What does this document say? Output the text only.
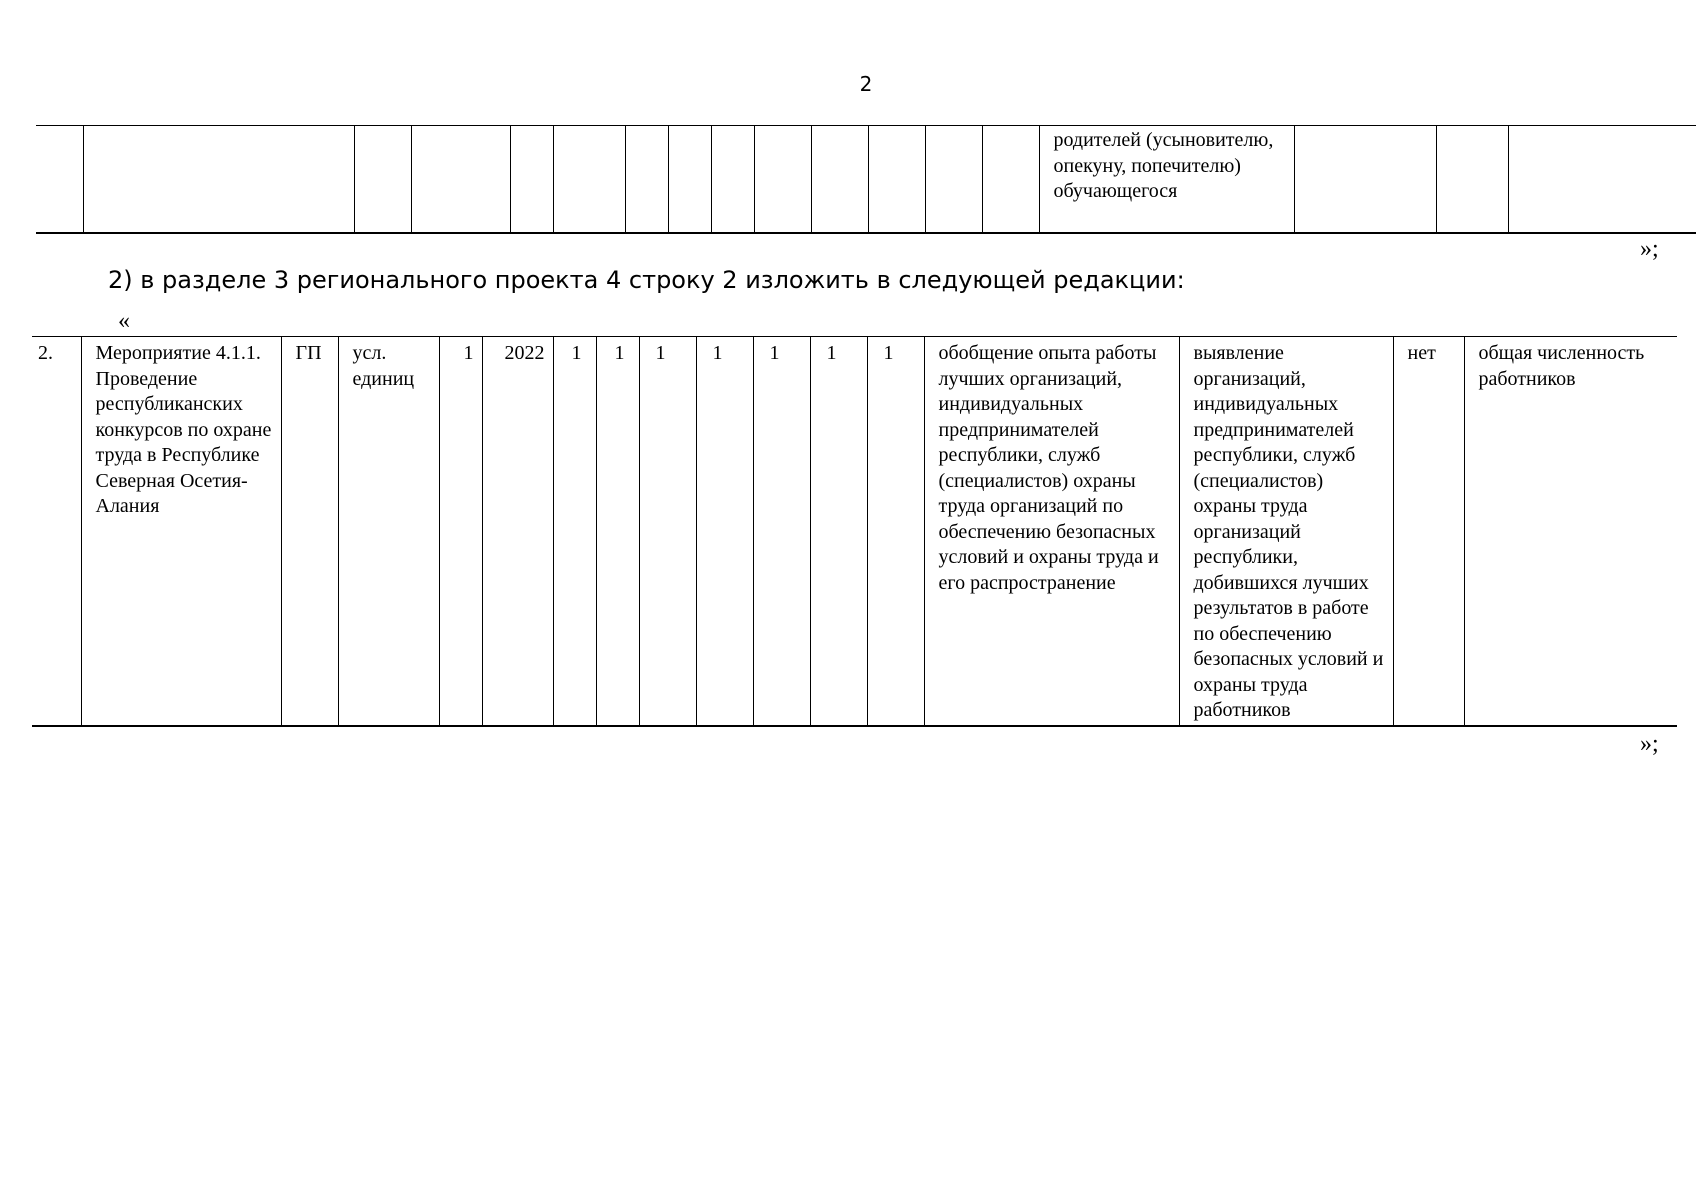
2
														родителей (усыновителю, опекуну, попечителю) обучающегося			
»;
2) в разделе 3 регионального проекта 4 строку 2 изложить в следующей редакции:
«
2.	Мероприятие 4.1.1. Проведение республиканских конкурсов по охране труда в Республике Северная Осетия-Алания	ГП	усл. единиц	1	2022	1	1	1	1	1	1	1	обобщение опыта работы лучших организаций, индивидуальных предпринимателей республики, служб (специалистов) охраны труда организаций по обеспечению безопасных условий и охраны труда и его распространение	выявление организаций, индивидуальных предпринимателей республики, служб (специалистов) охраны труда организаций республики, добившихся лучших результатов в работе по обеспечению безопасных условий и охраны труда работников	нет	общая численность работников
»;
